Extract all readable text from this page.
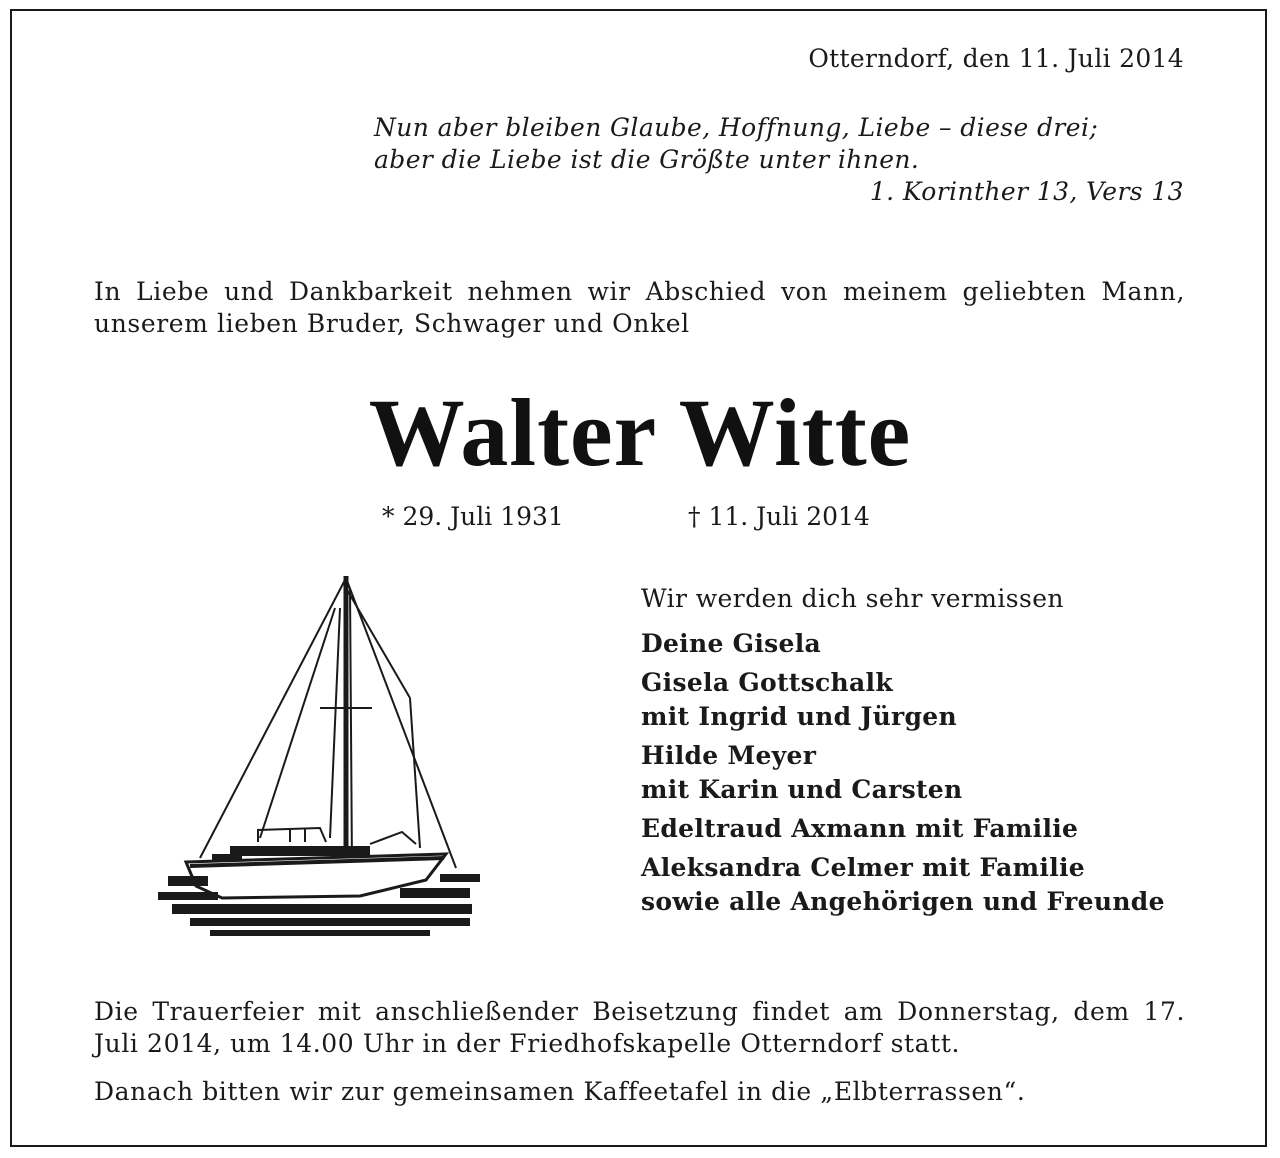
Otterndorf, den 11. Juli 2014
Nun aber bleiben Glaube, Hoffnung, Liebe – diese drei;
aber die Liebe ist die Größte unter ihnen.
1. Korinther 13, Vers 13
In Liebe und Dankbarkeit nehmen wir Abschied von meinem geliebten Mann, unserem lieben Bruder, Schwager und Onkel
Walter Witte
* 29. Juli 1931	† 11. Juli 2014
Wir werden dich sehr vermissen
Deine Gisela
Gisela Gottschalk
mit Ingrid und Jürgen
Hilde Meyer
mit Karin und Carsten
Edeltraud Axmann mit Familie
Aleksandra Celmer mit Familie
sowie alle Angehörigen und Freunde
Die Trauerfeier mit anschließender Beisetzung findet am Donnerstag, dem 17. Juli 2014, um 14.00 Uhr in der Friedhofskapelle Otterndorf statt.
Danach bitten wir zur gemeinsamen Kaffeetafel in die „Elbterrassen“.
